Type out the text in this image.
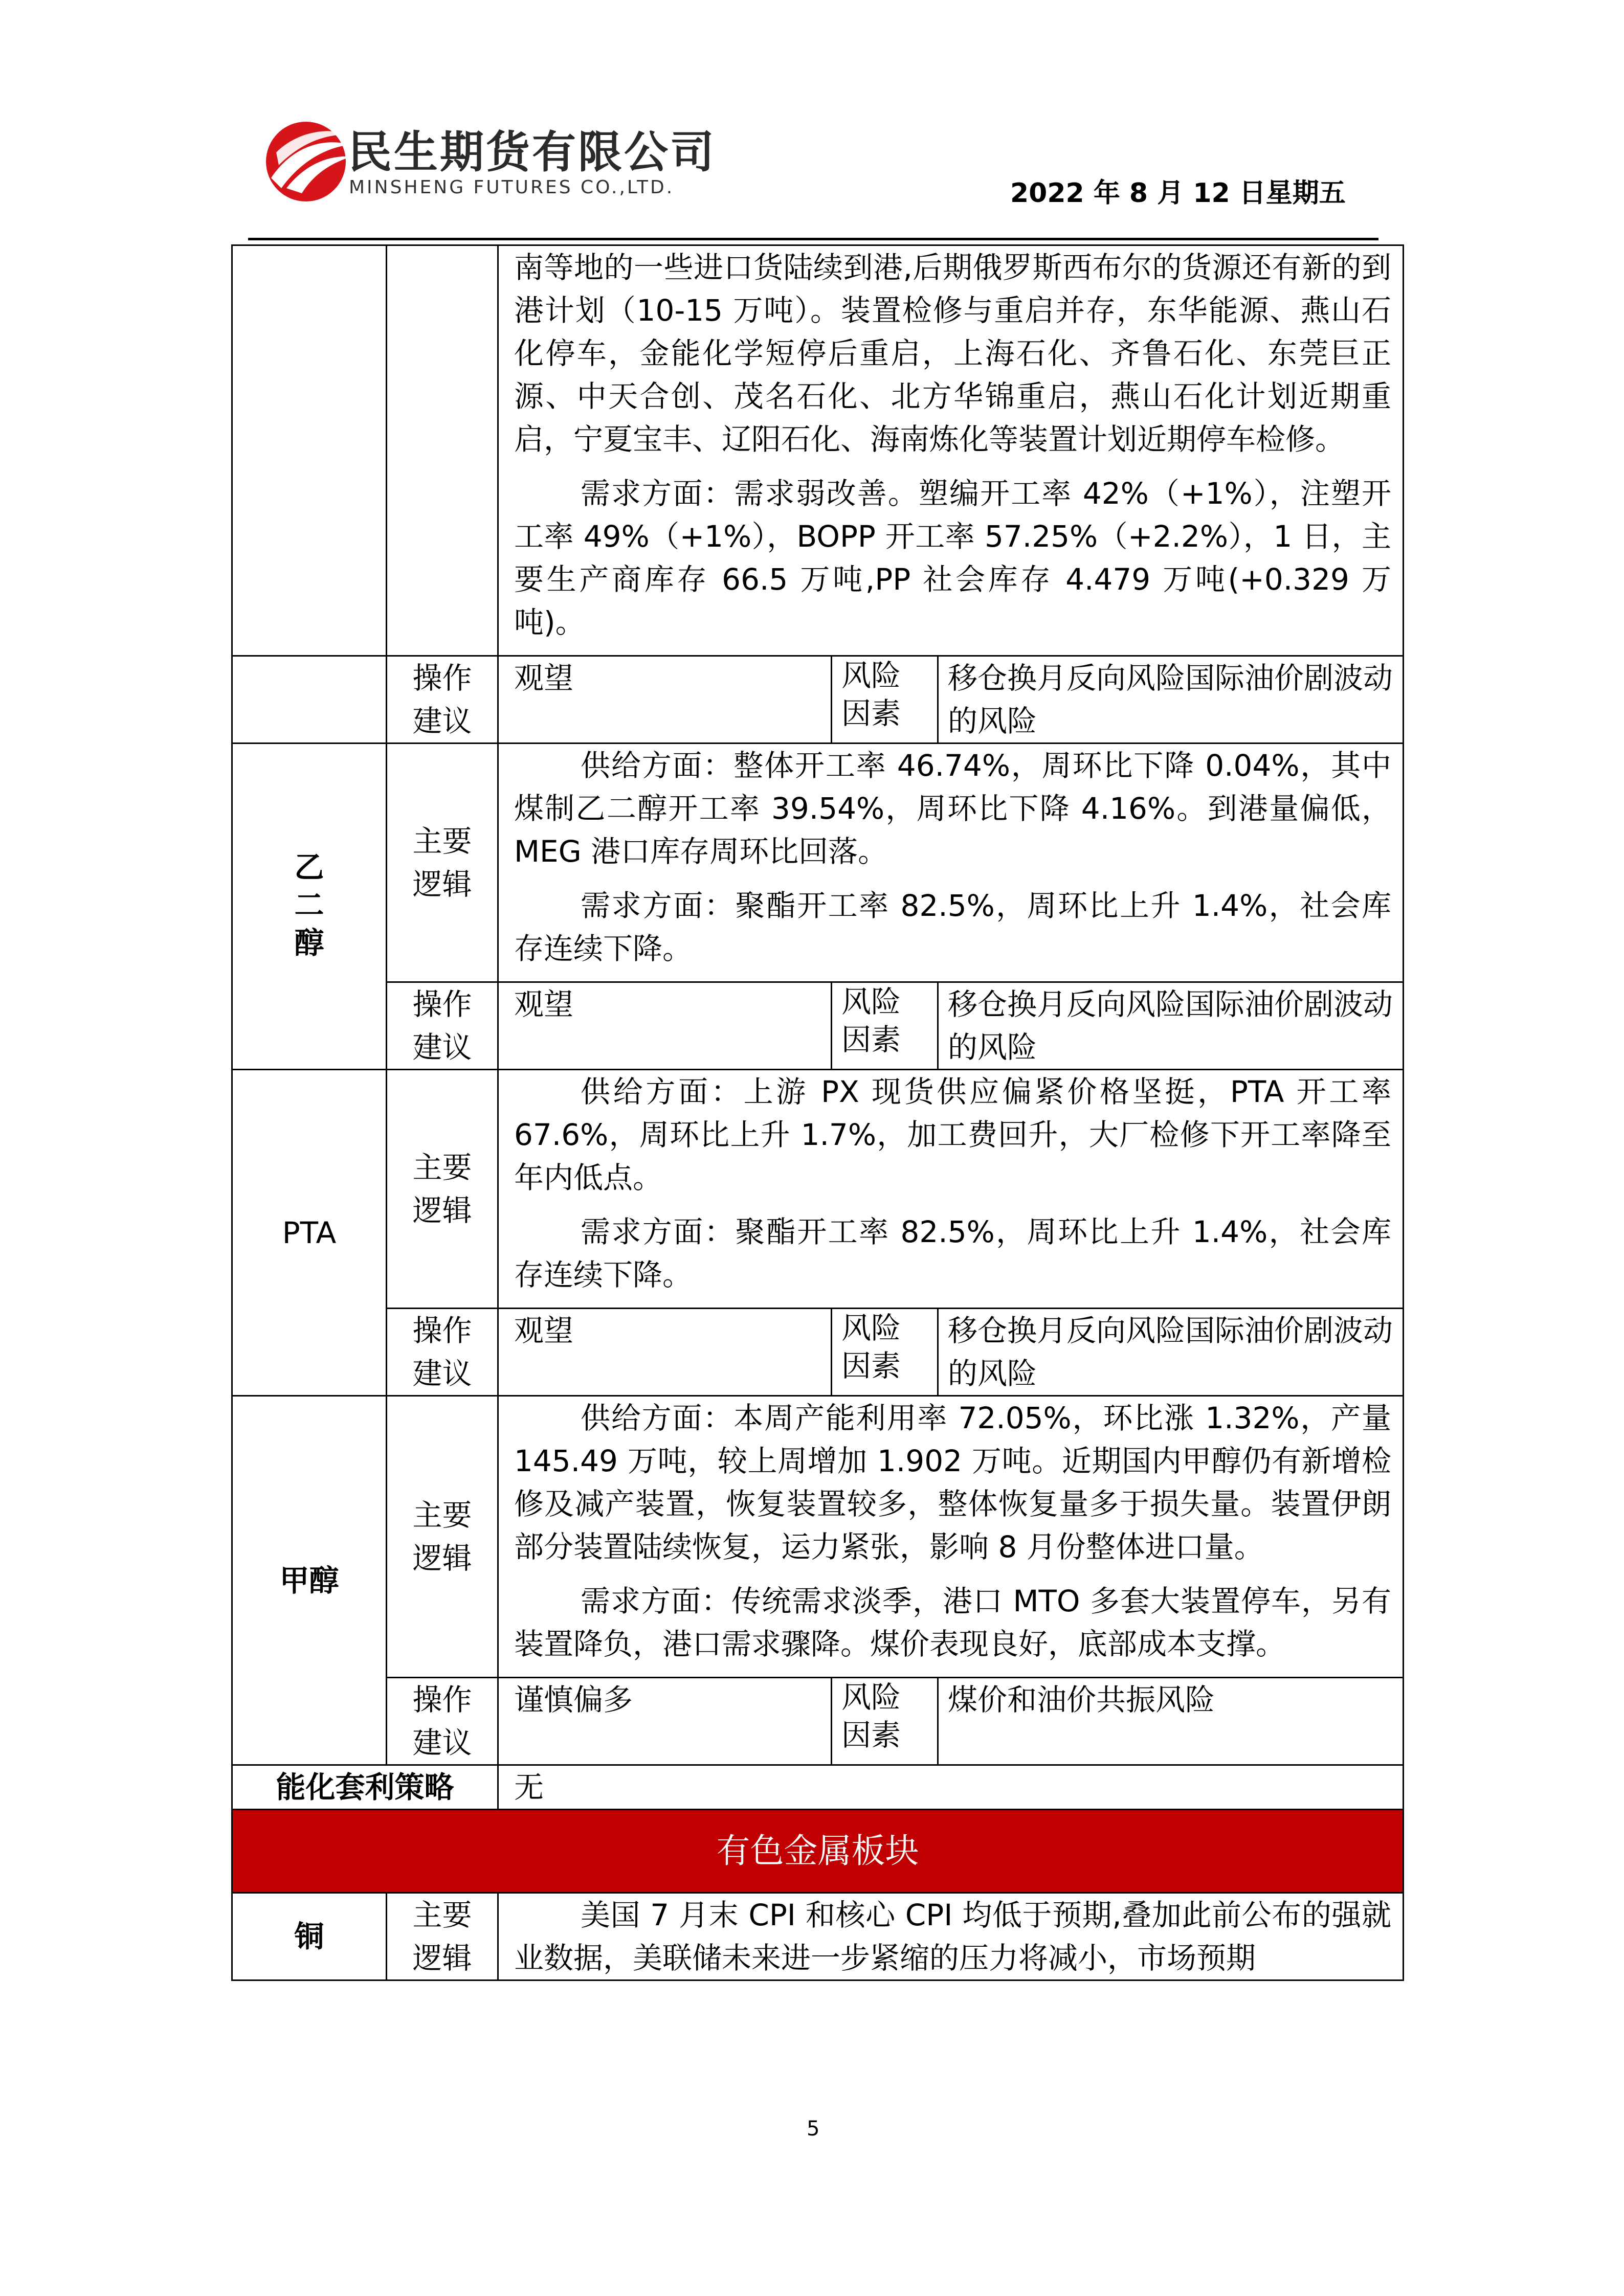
民生期货有限公司
MINSHENG FUTURES CO.,LTD.	2022 年 8 月 12 日星期五

		南等地的一些进口货陆续到港,后期俄罗斯西布尔的货源还有新的到港计划（10-15 万吨）。装置检修与重启并存，东华能源、燕山石化停车，金能化学短停后重启，上海石化、齐鲁石化、东莞巨正源、中天合创、茂名石化、北方华锦重启，燕山石化计划近期重启，宁夏宝丰、辽阳石化、海南炼化等装置计划近期停车检修。

需求方面：需求弱改善。塑编开工率 42%（+1%），注塑开工率 49%（+1%），BOPP 开工率 57.25%（+2.2%），1 日，主要生产商库存 66.5 万吨,PP 社会库存 4.479 万吨(+0.329 万吨)。		

	操作建议	观望	风险因素	移仓换月反向风险国际油价剧波动的风险
乙二醇	主要逻辑	供给方面：整体开工率 46.74%，周环比下降 0.04%，其中煤制乙二醇开工率 39.54%，周环比下降 4.16%。到港量偏低，MEG 港口库存周环比回落。

需求方面：聚酯开工率 82.5%，周环比上升 1.4%，社会库存连续下降。		

	操作建议	观望	风险因素	移仓换月反向风险国际油价剧波动的风险
PTA	主要逻辑	供给方面：上游 PX 现货供应偏紧价格坚挺，PTA 开工率 67.6%，周环比上升 1.7%，加工费回升，大厂检修下开工率降至年内低点。

需求方面：聚酯开工率 82.5%，周环比上升 1.4%，社会库存连续下降。		

	操作建议	观望	风险因素	移仓换月反向风险国际油价剧波动的风险
甲醇	主要逻辑	供给方面：本周产能利用率 72.05%，环比涨 1.32%，产量 145.49 万吨，较上周增加 1.902 万吨。近期国内甲醇仍有新增检修及减产装置，恢复装置较多，整体恢复量多于损失量。装置伊朗部分装置陆续恢复，运力紧张，影响 8 月份整体进口量。

需求方面：传统需求淡季，港口 MTO 多套大装置停车，另有装置降负，港口需求骤降。煤价表现良好，底部成本支撑。		

	操作建议	谨慎偏多	风险因素	煤价和油价共振风险
能化套利策略		无		
有色金属板块				
铜	主要逻辑	美国 7 月末 CPI 和核心 CPI 均低于预期,叠加此前公布的强就业数据，美联储未来进一步紧缩的压力将减小，市场预期		

5
